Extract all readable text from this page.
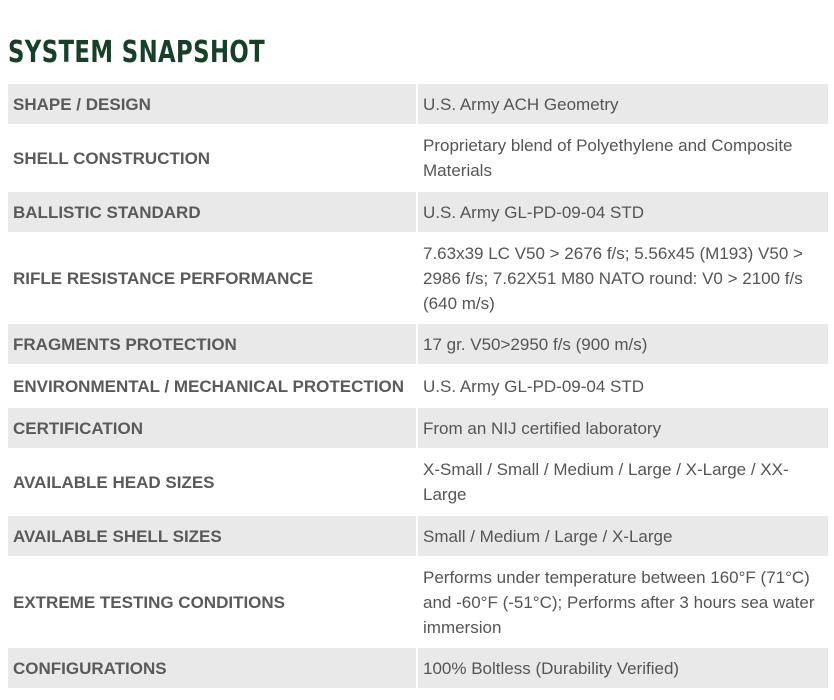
SYSTEM SNAPSHOT
SHAPE / DESIGN	U.S. Army ACH Geometry
SHELL CONSTRUCTION	Proprietary blend of Polyethylene and Composite Materials
BALLISTIC STANDARD	U.S. Army GL-PD-09-04 STD
RIFLE RESISTANCE PERFORMANCE	7.63x39 LC V50 > 2676 f/s; 5.56x45 (M193) V50 > 2986 f/s; 7.62X51 M80 NATO round: V0 > 2100 f/s (640 m/s)
FRAGMENTS PROTECTION	17 gr. V50>2950 f/s (900 m/s)
ENVIRONMENTAL / MECHANICAL PROTECTION	U.S. Army GL-PD-09-04 STD
CERTIFICATION	From an NIJ certified laboratory
AVAILABLE HEAD SIZES	X-Small / Small / Medium / Large / X-Large / XX-Large
AVAILABLE SHELL SIZES	Small / Medium / Large / X-Large
EXTREME TESTING CONDITIONS	Performs under temperature between 160°F (71°C) and -60°F (-51°C); Performs after 3 hours sea water immersion
CONFIGURATIONS	100% Boltless (Durability Verified)
